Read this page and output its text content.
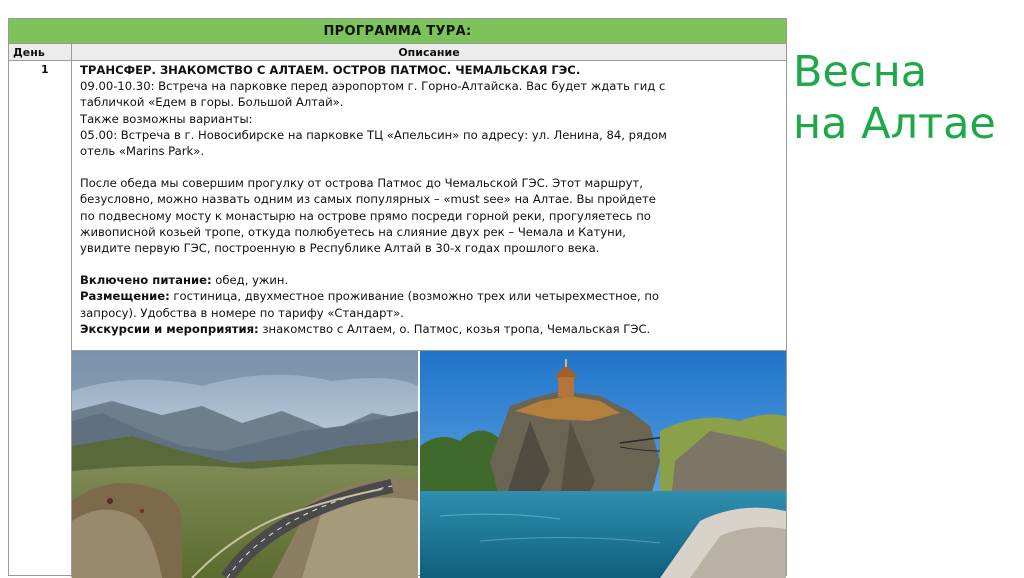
ПРОГРАММА ТУРА:
День	Описание
1	ТРАНСФЕР. ЗНАКОМСТВО С АЛТАЕМ. ОСТРОВ ПАТМОС. ЧЕМАЛЬСКАЯ ГЭС.
09.00-10.30: Встреча на парковке перед аэропортом г. Горно-Алтайска. Вас будет ждать гид с
табличкой «Едем в горы. Большой Алтай».
Также возможны варианты:
05.00: Встреча в г. Новосибирске на парковке ТЦ «Апельсин» по адресу: ул. Ленина, 84, рядом
отель «Marins Park».
После обеда мы совершим прогулку от острова Патмос до Чемальской ГЭС. Этот маршрут,
безусловно, можно назвать одним из самых популярных – «must see» на Алтае. Вы пройдете
по подвесному мосту к монастырю на острове прямо посреди горной реки, прогуляетесь по
живописной козьей тропе, откуда полюбуетесь на слияние двух рек – Чемала и Катуни,
увидите первую ГЭС, построенную в Республике Алтай в 30-х годах прошлого века.
Включено питание: обед, ужин.
Размещение: гостиница, двухместное проживание (возможно трех или четырехместное, по
запросу). Удобства в номере по тарифу «Стандарт».
Экскурсии и мероприятия: знакомство с Алтаем, о. Патмос, козья тропа, Чемальская ГЭС.
Весна
на Алтае
